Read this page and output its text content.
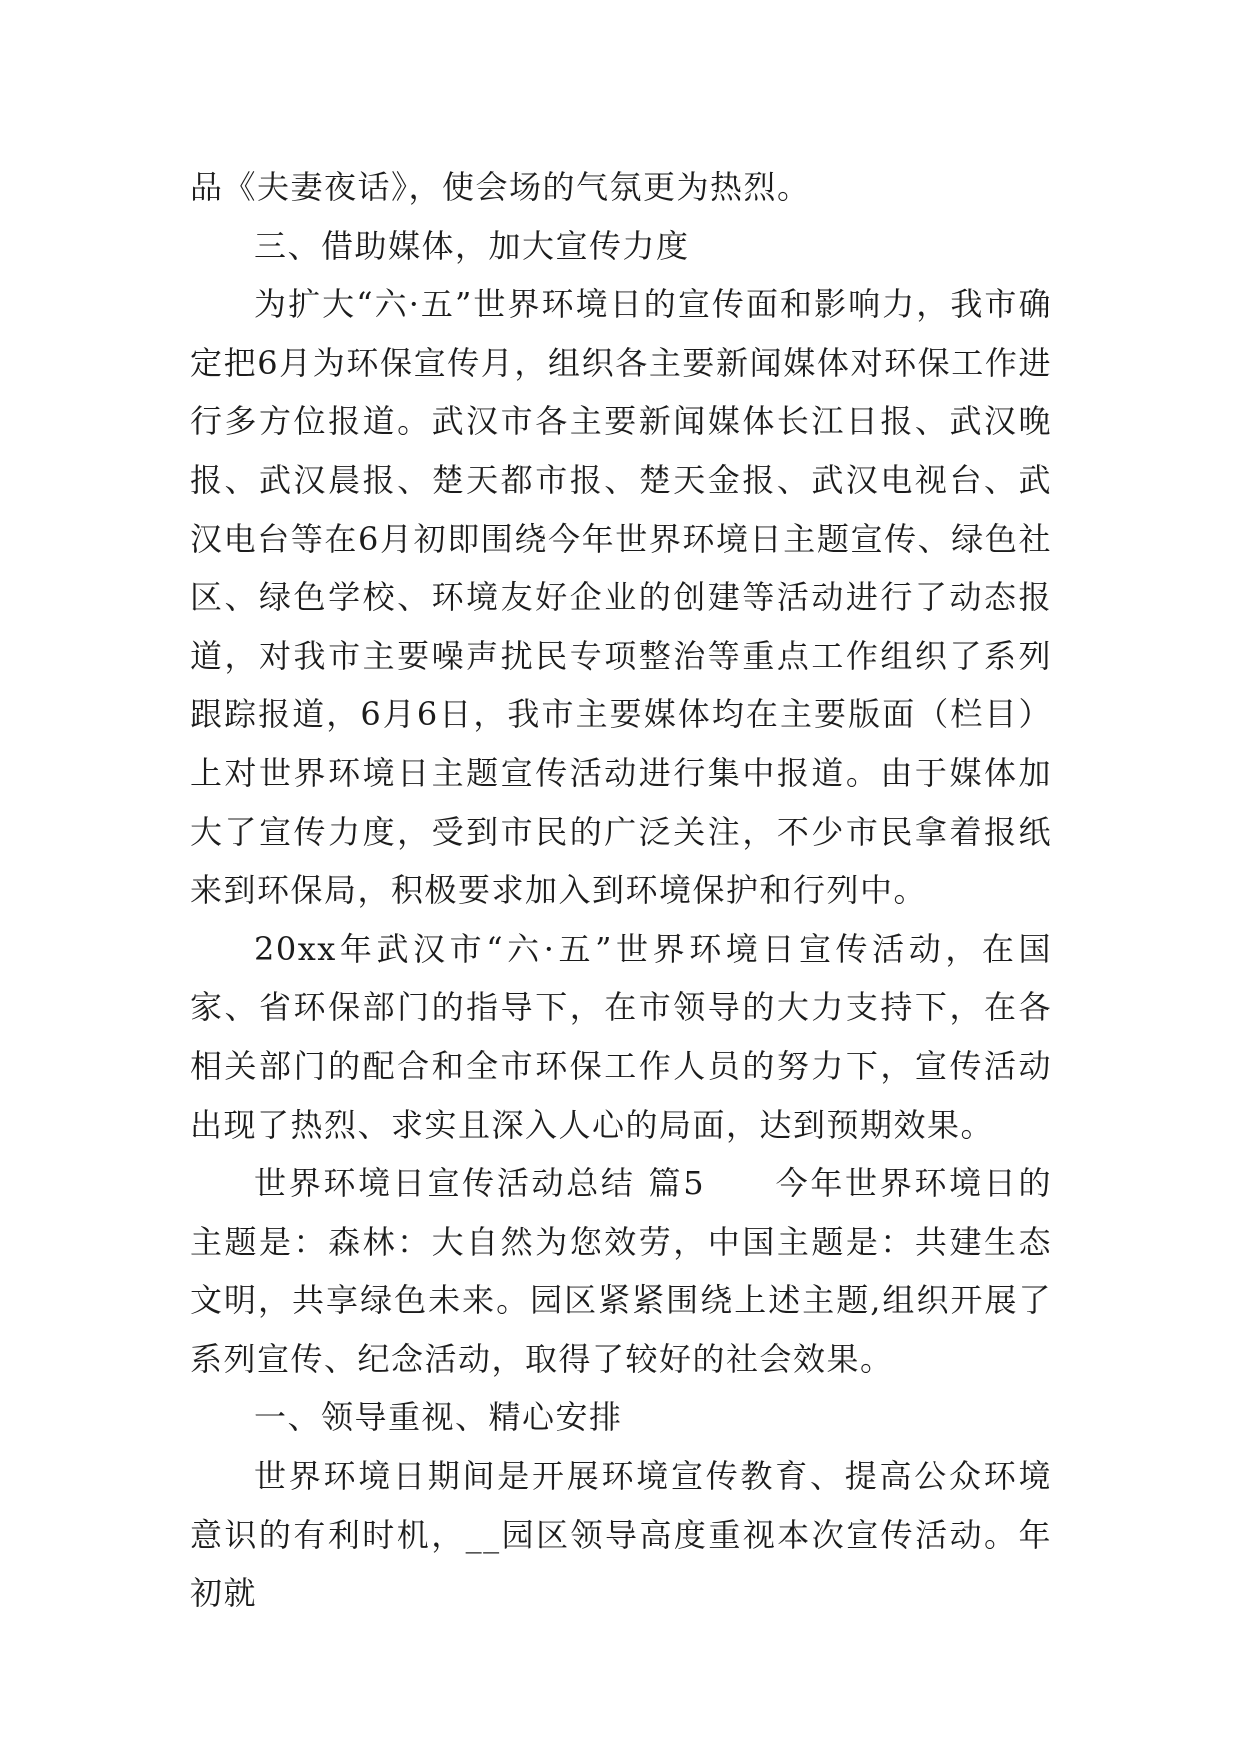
品《夫妻夜话》，使会场的气氛更为热烈。

三、借助媒体，加大宣传力度

为扩大“六·五”世界环境日的宣传面和影响力，我市确定把6月为环保宣传月，组织各主要新闻媒体对环保工作进行多方位报道。武汉市各主要新闻媒体长江日报、武汉晚报、武汉晨报、楚天都市报、楚天金报、武汉电视台、武汉电台等在6月初即围绕今年世界环境日主题宣传、绿色社区、绿色学校、环境友好企业的创建等活动进行了动态报道，对我市主要噪声扰民专项整治等重点工作组织了系列跟踪报道，6月6日，我市主要媒体均在主要版面（栏目）上对世界环境日主题宣传活动进行集中报道。由于媒体加大了宣传力度，受到市民的广泛关注，不少市民拿着报纸来到环保局，积极要求加入到环境保护和行列中。

20xx年武汉市“六·五”世界环境日宣传活动，在国家、省环保部门的指导下，在市领导的大力支持下，在各相关部门的配合和全市环保工作人员的努力下，宣传活动出现了热烈、求实且深入人心的局面，达到预期效果。

世界环境日宣传活动总结 篇5　　今年世界环境日的主题是：森林：大自然为您效劳，中国主题是：共建生态文明，共享绿色未来。园区紧紧围绕上述主题,组织开展了系列宣传、纪念活动，取得了较好的社会效果。

一、领导重视、精心安排

世界环境日期间是开展环境宣传教育、提高公众环境意识的有利时机，__园区领导高度重视本次宣传活动。年初就
